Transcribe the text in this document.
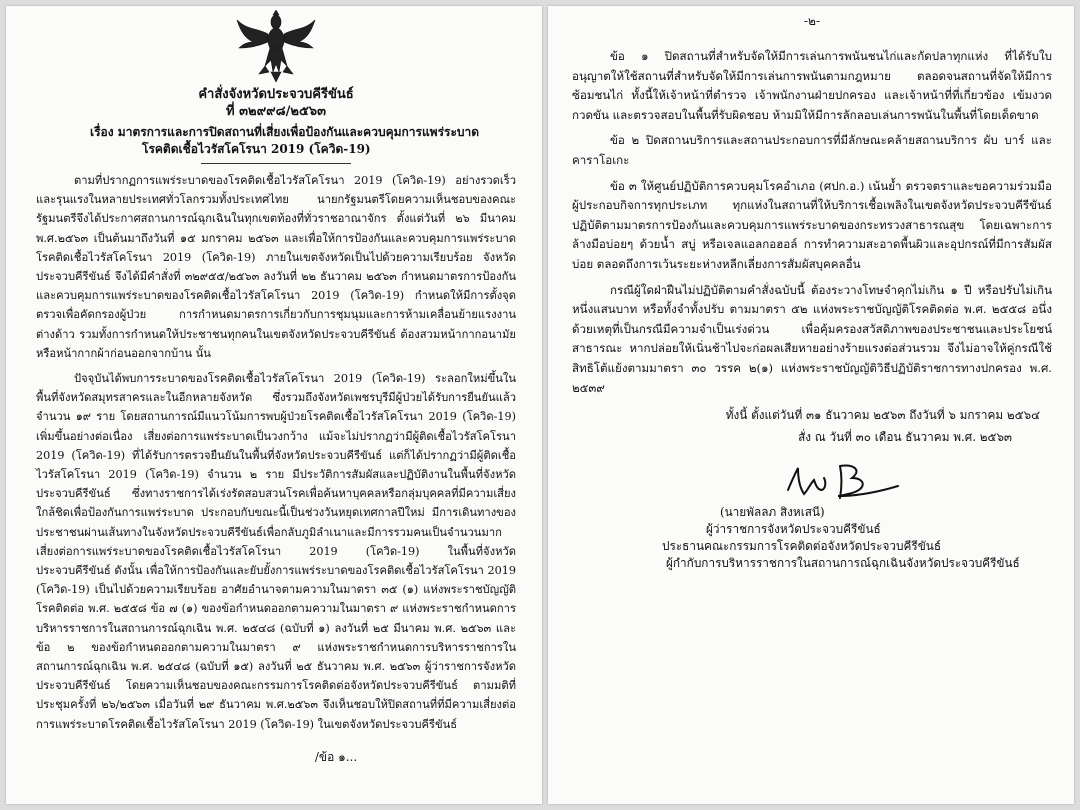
คำสั่งจังหวัดประจวบคีรีขันธ์
ที่ ๓๒๙๙๘/๒๕๖๓
เรื่อง มาตรการและการปิดสถานที่เสี่ยงเพื่อป้องกันและควบคุมการแพร่ระบาด
โรคติดเชื้อไวรัสโคโรนา 2019 (โควิด-19)

ตามที่ปรากฏการแพร่ระบาดของโรคติดเชื้อไวรัสโคโรนา 2019 (โควิด-19) อย่างรวดเร็วและรุนแรงในหลายประเทศทั่วโลกรวมทั้งประเทศไทย นายกรัฐมนตรีโดยความเห็นชอบของคณะรัฐมนตรีจึงได้ประกาศสถานการณ์ฉุกเฉินในทุกเขตท้องที่ทั่วราชอาณาจักร ตั้งแต่วันที่ ๒๖ มีนาคม พ.ศ.๒๕๖๓ เป็นต้นมาถึงวันที่ ๑๕ มกราคม ๒๕๖๓ และเพื่อให้การป้องกันและควบคุมการแพร่ระบาดโรคติดเชื้อไวรัสโคโรนา 2019 (โควิด-19) ภายในเขตจังหวัดเป็นไปด้วยความเรียบร้อย จังหวัดประจวบคีรีขันธ์ จึงได้มีคำสั่งที่ ๓๒๙๕๕/๒๕๖๓ ลงวันที่ ๒๒ ธันวาคม ๒๕๖๓ กำหนดมาตรการป้องกันและควบคุมการแพร่ระบาดของโรคติดเชื้อไวรัสโคโรนา 2019 (โควิด-19) กำหนดให้มีการตั้งจุดตรวจเพื่อคัดกรองผู้ป่วย การกำหนดมาตรการเกี่ยวกับการชุมนุมและการห้ามเคลื่อนย้ายแรงงานต่างด้าว รวมทั้งการกำหนดให้ประชาชนทุกคนในเขตจังหวัดประจวบคีรีขันธ์ ต้องสวมหน้ากากอนามัยหรือหน้ากากผ้าก่อนออกจากบ้าน นั้น

ปัจจุบันได้พบการระบาดของโรคติดเชื้อไวรัสโคโรนา 2019 (โควิด-19) ระลอกใหม่ขึ้นในพื้นที่จังหวัดสมุทรสาครและในอีกหลายจังหวัด ซึ่งรวมถึงจังหวัดเพชรบุรีมีผู้ป่วยได้รับการยืนยันแล้ว จำนวน ๑๙ ราย โดยสถานการณ์มีแนวโน้มการพบผู้ป่วยโรคติดเชื้อไวรัสโคโรนา 2019 (โควิด-19) เพิ่มขึ้นอย่างต่อเนื่อง เสี่ยงต่อการแพร่ระบาดเป็นวงกว้าง แม้จะไม่ปรากฏว่ามีผู้ติดเชื้อไวรัสโคโรนา 2019 (โควิด-19) ที่ได้รับการตรวจยืนยันในพื้นที่จังหวัดประจวบคีรีขันธ์ แต่ก็ได้ปรากฏว่ามีผู้ติดเชื้อไวรัสโคโรนา 2019 (โควิด-19) จำนวน ๒ ราย มีประวัติการสัมผัสและปฏิบัติงานในพื้นที่จังหวัดประจวบคีรีขันธ์ ซึ่งทางราชการได้เร่งรัดสอบสวนโรคเพื่อค้นหาบุคคลหรือกลุ่มบุคคลที่มีความเสี่ยงใกล้ชิดเพื่อป้องกันการแพร่ระบาด ประกอบกับขณะนี้เป็นช่วงวันหยุดเทศกาลปีใหม่ มีการเดินทางของประชาชนผ่านเส้นทางในจังหวัดประจวบคีรีขันธ์เพื่อกลับภูมิลำเนาและมีการรวมคนเป็นจำนวนมากเสี่ยงต่อการแพร่ระบาดของโรคติดเชื้อไวรัสโคโรนา 2019 (โควิด-19) ในพื้นที่จังหวัดประจวบคีรีขันธ์ ดังนั้น เพื่อให้การป้องกันและยับยั้งการแพร่ระบาดของโรคติดเชื้อไวรัสโคโรนา 2019 (โควิด-19) เป็นไปด้วยความเรียบร้อย อาศัยอำนาจตามความในมาตรา ๓๕ (๑) แห่งพระราชบัญญัติโรคติดต่อ พ.ศ. ๒๕๕๘ ข้อ ๗ (๑) ของข้อกำหนดออกตามความในมาตรา ๙ แห่งพระราชกำหนดการบริหารราชการในสถานการณ์ฉุกเฉิน พ.ศ. ๒๕๔๘ (ฉบับที่ ๑) ลงวันที่ ๒๕ มีนาคม พ.ศ. ๒๕๖๓ และข้อ ๒ ของข้อกำหนดออกตามความในมาตรา ๙ แห่งพระราชกำหนดการบริหารราชการในสถานการณ์ฉุกเฉิน พ.ศ. ๒๕๔๘ (ฉบับที่ ๑๕) ลงวันที่ ๒๕ ธันวาคม พ.ศ. ๒๕๖๓ ผู้ว่าราชการจังหวัดประจวบคีรีขันธ์ โดยความเห็นชอบของคณะกรรมการโรคติดต่อจังหวัดประจวบคีรีขันธ์ ตามมติที่ประชุมครั้งที่ ๒๖/๒๕๖๓ เมื่อวันที่ ๒๙ ธันวาคม พ.ศ.๒๕๖๓ จึงเห็นชอบให้ปิดสถานที่ที่มีความเสี่ยงต่อการแพร่ระบาดโรคติดเชื้อไวรัสโคโรนา 2019 (โควิด-19) ในเขตจังหวัดประจวบคีรีขันธ์

/ข้อ ๑...
-๒-

ข้อ ๑ ปิดสถานที่สำหรับจัดให้มีการเล่นการพนันชนไก่และกัดปลาทุกแห่ง ที่ได้รับใบอนุญาตให้ใช้สถานที่สำหรับจัดให้มีการเล่นการพนันตามกฎหมาย ตลอดจนสถานที่จัดให้มีการซ้อมชนไก่ ทั้งนี้ให้เจ้าหน้าที่ตำรวจ เจ้าพนักงานฝ่ายปกครอง และเจ้าหน้าที่ที่เกี่ยวข้อง เข้มงวด กวดขัน และตรวจสอบในพื้นที่รับผิดชอบ ห้ามมิให้มีการลักลอบเล่นการพนันในพื้นที่โดยเด็ดขาด

ข้อ ๒ ปิดสถานบริการและสถานประกอบการที่มีลักษณะคล้ายสถานบริการ ผับ บาร์ และคาราโอเกะ

ข้อ ๓ ให้ศูนย์ปฏิบัติการควบคุมโรคอำเภอ (ศปก.อ.) เน้นย้ำ ตรวจตราและขอความร่วมมือผู้ประกอบกิจการทุกประเภท ทุกแห่งในสถานที่ให้บริการเชื้อเพลิงในเขตจังหวัดประจวบคีรีขันธ์ ปฏิบัติตามมาตรการป้องกันและควบคุมการแพร่ระบาดของกระทรวงสาธารณสุข โดยเฉพาะการล้างมือบ่อยๆ ด้วยน้ำ สบู่ หรือเจลแอลกอฮอล์ การทำความสะอาดพื้นผิวและอุปกรณ์ที่มีการสัมผัสบ่อย ตลอดถึงการเว้นระยะห่างหลีกเลี่ยงการสัมผัสบุคคลอื่น

กรณีผู้ใดฝ่าฝืนไม่ปฏิบัติตามคำสั่งฉบับนี้ ต้องระวางโทษจำคุกไม่เกิน ๑ ปี หรือปรับไม่เกินหนึ่งแสนบาท หรือทั้งจำทั้งปรับ ตามมาตรา ๕๒ แห่งพระราชบัญญัติโรคติดต่อ พ.ศ. ๒๕๕๘ อนึ่ง ด้วยเหตุที่เป็นกรณีมีความจำเป็นเร่งด่วน เพื่อคุ้มครองสวัสดิภาพของประชาชนและประโยชน์สาธารณะ หากปล่อยให้เนิ่นช้าไปจะก่อผลเสียหายอย่างร้ายแรงต่อส่วนรวม จึงไม่อาจให้คู่กรณีใช้สิทธิโต้แย้งตามมาตรา ๓๐ วรรค ๒(๑) แห่งพระราชบัญญัติวิธีปฏิบัติราชการทางปกครอง พ.ศ. ๒๕๓๙

ทั้งนี้ ตั้งแต่วันที่ ๓๑ ธันวาคม ๒๕๖๓ ถึงวันที่ ๖ มกราคม ๒๕๖๔
สั่ง ณ วันที่ ๓๐ เดือน ธันวาคม พ.ศ. ๒๕๖๓
(นายพัลลภ สิงหเสนี)
ผู้ว่าราชการจังหวัดประจวบคีรีขันธ์
ประธานคณะกรรมการโรคติดต่อจังหวัดประจวบคีรีขันธ์
ผู้กำกับการบริหารราชการในสถานการณ์ฉุกเฉินจังหวัดประจวบคีรีขันธ์
